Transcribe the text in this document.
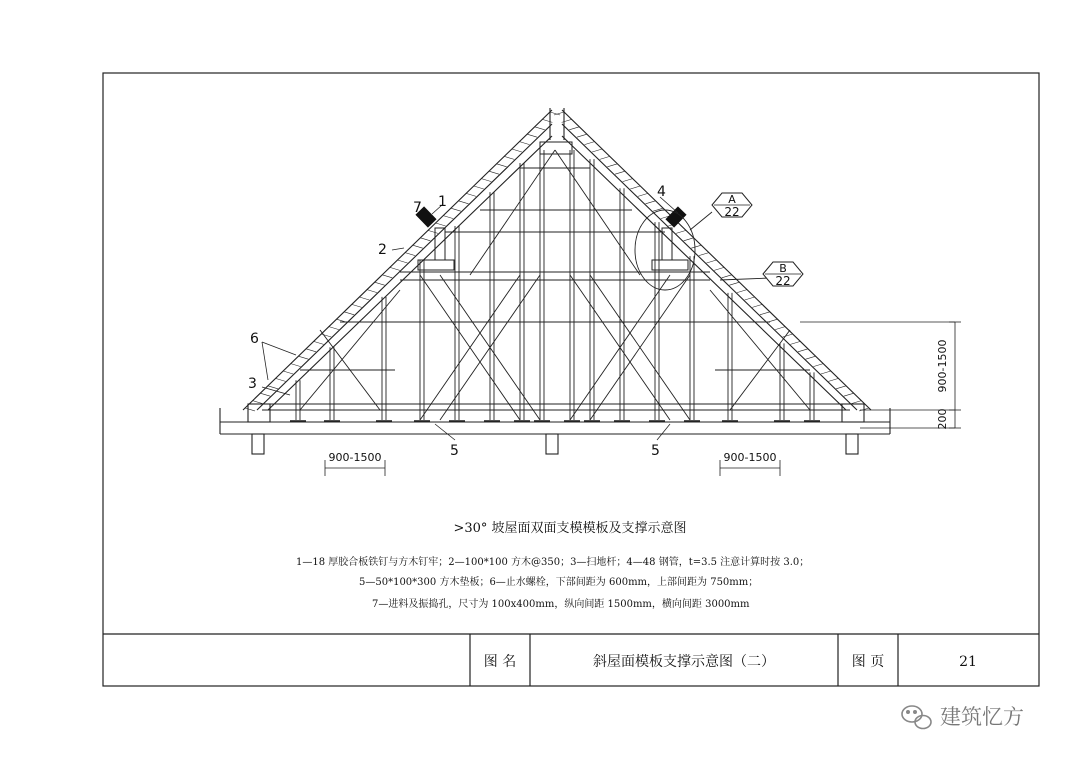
1
2
3
4
5	5
6
7
A
22
B
22
900-1500	900-1500
900-1500
200
>30° 坡屋面双面支模模板及支撑示意图
1—18 厚胶合板铁钉与方木钉牢；2—100*100 方木@350；3—扫地杆；4—48 钢管，t=3.5 注意计算时按 3.0；
5—50*100*300 方木垫板；6—止水螺栓，下部间距为 600mm，上部间距为 750mm；
7—进料及振捣孔，尺寸为 100x400mm，纵向间距 1500mm，横向间距 3000mm
图 名	斜屋面模板支撑示意图（二）	图 页	21
建筑忆方
